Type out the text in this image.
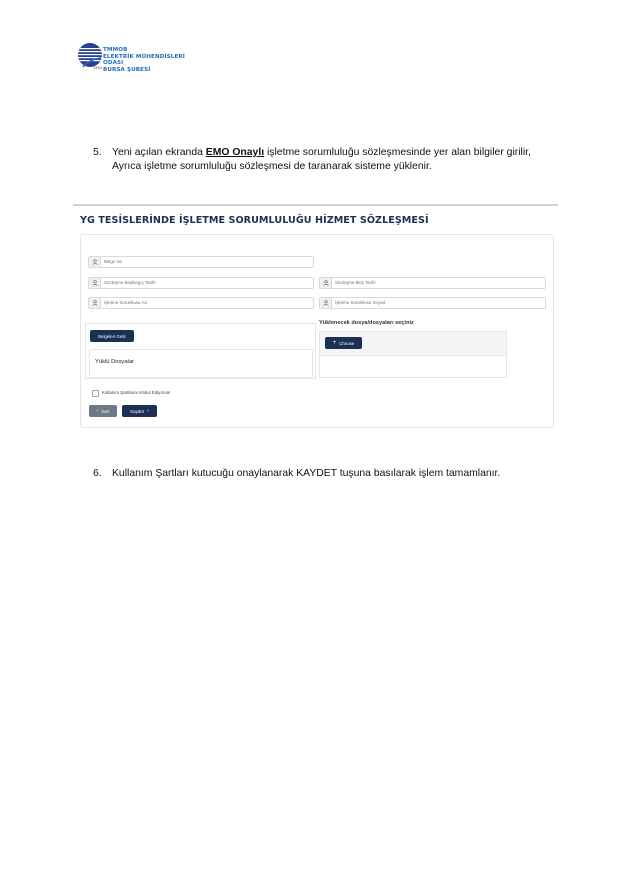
TMMOB
ELEKTRİK MÜHENDİSLERİ ODASI
BURSA ŞUBESİ
1954
5. Yeni açılan ekranda EMO Onaylı işletme sorumluluğu sözleşmesinde yer alan bilgiler girilir,
Ayrıca işletme sorumluluğu sözleşmesi de taranarak sisteme yüklenir.
YG TESİSLERİNDE İŞLETME SORUMLULUĞU HİZMET SÖZLEŞMESİ
Belge No
Sözleşme Başlangıç Tarihi	Sözleşme Bitiş Tarihi
İşletme Sorumlusu Ad	İşletme Sorumlusu Soyad
Belgeleri Getir
Yüklü Dosyalar
Yüklenecek dosya/dosyaları seçiniz
+ Choose
Kullanım Şartlarını Kabul Ediyorum
‹ Geri	Kaydet ›
6. Kullanım Şartları kutucuğu onaylanarak KAYDET tuşuna basılarak işlem tamamlanır.
